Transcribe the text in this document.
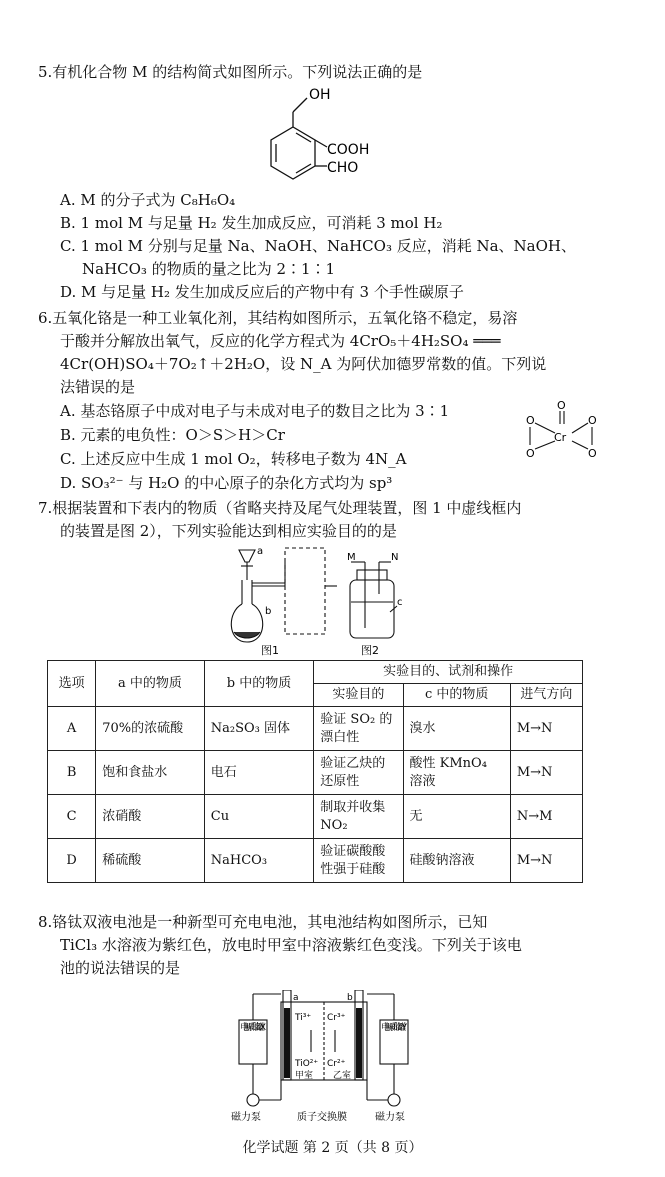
5.有机化合物 M 的结构简式如图所示。下列说法正确的是
OH
COOH
CHO
A. M 的分子式为 C₈H₆O₄
B. 1 mol M 与足量 H₂ 发生加成反应，可消耗 3 mol H₂
C. 1 mol M 分别与足量 Na、NaOH、NaHCO₃ 反应，消耗 Na、NaOH、
NaHCO₃ 的物质的量之比为 2∶1∶1
D. M 与足量 H₂ 发生加成反应后的产物中有 3 个手性碳原子
6.五氧化铬是一种工业氧化剂，其结构如图所示，五氧化铬不稳定，易溶
于酸并分解放出氧气，反应的化学方程式为 4CrO₅＋4H₂SO₄ ═══
4Cr(OH)SO₄＋7O₂↑＋2H₂O，设 N_A 为阿伏加德罗常数的值。下列说
法错误的是
A. 基态铬原子中成对电子与未成对电子的数目之比为 3∶1
B. 元素的电负性：O＞S＞H＞Cr
C. 上述反应中生成 1 mol O₂，转移电子数为 4N_A
D. SO₃²⁻ 与 H₂O 的中心原子的杂化方式均为 sp³
O
O
O
O
O
Cr
7.根据装置和下表内的物质（省略夹持及尾气处理装置，图 1 中虚线框内
的装置是图 2），下列实验能达到相应实验目的的是
a
b
M	N
c
图1	图2
选项	a 中的物质	b 中的物质	实验目的、试剂和操作		
			实验目的	c 中的物质	进气方向
A	70%的浓硫酸	Na₂SO₃ 固体	验证 SO₂ 的漂白性	溴水	M→N
B	饱和食盐水	电石	验证乙炔的还原性	酸性 KMnO₄ 溶液	M→N
C	浓硝酸	Cu	制取并收集 NO₂	无	N→M
D	稀硫酸	NaHCO₃	验证碳酸酸性强于硅酸	硅酸钠溶液	M→N
8.铬钛双液电池是一种新型可充电电池，其电池结构如图所示，已知
TiCl₃ 水溶液为紫红色，放电时甲室中溶液紫红色变浅。下列关于该电
池的说法错误的是
电解质储罐X	电解质储罐Y
a	b
Ti³⁺
TiO²⁺
Cr³⁺
Cr²⁺
甲室 乙室
磁力泵	质子交换膜	磁力泵
化学试题 第 2 页（共 8 页）
